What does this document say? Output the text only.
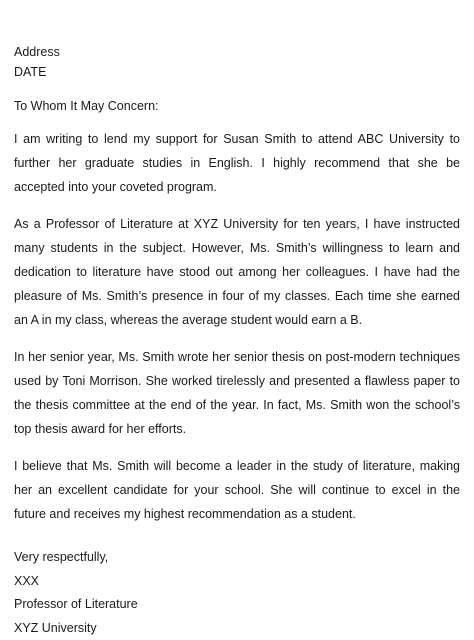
Address
DATE
To Whom It May Concern:

I am writing to lend my support for Susan Smith to attend ABC University to further her graduate studies in English. I highly recommend that she be accepted into your coveted program.

As a Professor of Literature at XYZ University for ten years, I have instructed many students in the subject. However, Ms. Smith’s willingness to learn and dedication to literature have stood out among her colleagues. I have had the pleasure of Ms. Smith’s presence in four of my classes. Each time she earned an A in my class, whereas the average student would earn a B.

In her senior year, Ms. Smith wrote her senior thesis on post-modern techniques used by Toni Morrison. She worked tirelessly and presented a flawless paper to the thesis committee at the end of the year. In fact, Ms. Smith won the school’s top thesis award for her efforts.

I believe that Ms. Smith will become a leader in the study of literature, making her an excellent candidate for your school. She will continue to excel in the future and receives my highest recommendation as a student.

Very respectfully,
XXX
Professor of Literature
XYZ University
